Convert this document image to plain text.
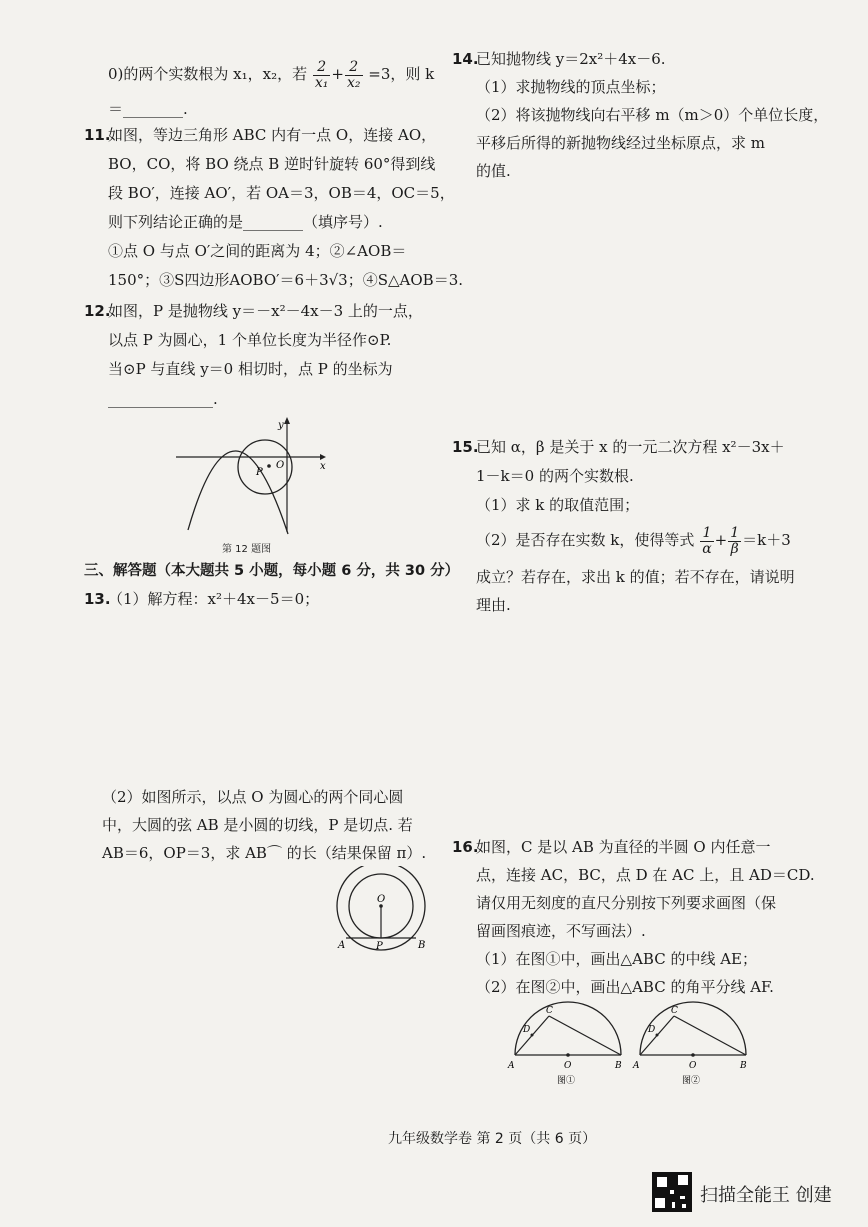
0)的两个实数根为 x₁，x₂，若 $\frac{2}{\text{x₁}} + \frac{2}{\text{x₂}} =3$，则 k
＝________.
11.
如图，等边三角形 ABC 内有一点 O，连接 AO，
BO，CO，将 BO 绕点 B 逆时针旋转 60°得到线
段 BO′，连接 AO′，若 OA＝3，OB＝4，OC＝5，
则下列结论正确的是________（填序号）.
①点 O 与点 O′之间的距离为 4；②∠AOB＝
150°；③S四边形AOBO′＝6＋3√3；④S△AOB＝3.
12.
如图，P 是抛物线 y＝－x²－4x－3 上的一点，
以点 P 为圆心，1 个单位长度为半径作⊙P.
当⊙P 与直线 y＝0 相切时，点 P 的坐标为
______________.
y
x
O
P
第 12 题图
三、解答题（本大题共 5 小题，每小题 6 分，共 30 分）
13.
（1）解方程：x²＋4x－5＝0；
（2）如图所示，以点 O 为圆心的两个同心圆
中，大圆的弦 AB 是小圆的切线，P 是切点. 若
AB＝6，OP＝3，求 AB⌒ 的长（结果保留 π）.
O
A	P	B
14.
已知抛物线 y＝2x²＋4x－6.
（1）求抛物线的顶点坐标；
（2）将该抛物线向右平移 m（m＞0）个单位长度，
平移后所得的新抛物线经过坐标原点，求 m
的值.
15.
已知 α，β 是关于 x 的一元二次方程 x²－3x＋
1－k＝0 的两个实数根.
（1）求 k 的取值范围；
（2）是否存在实数 k，使得等式 $\frac{1}{\alpha} + \frac{1}{\beta} =k+3$
成立？若存在，求出 k 的值；若不存在，请说明
理由.
16.
如图，C 是以 AB 为直径的半圆 O 内任意一
点，连接 AC，BC，点 D 在 AC 上，且 AD＝CD.
请仅用无刻度的直尺分别按下列要求画图（保
留画图痕迹，不写画法）.
（1）在图①中，画出△ABC 的中线 AE；
（2）在图②中，画出△ABC 的角平分线 AF.
A	B
C
D
O
图①
A	B
C
D
O
图②
九年级数学卷 第 2 页（共 6 页）
扫描全能王 创建
